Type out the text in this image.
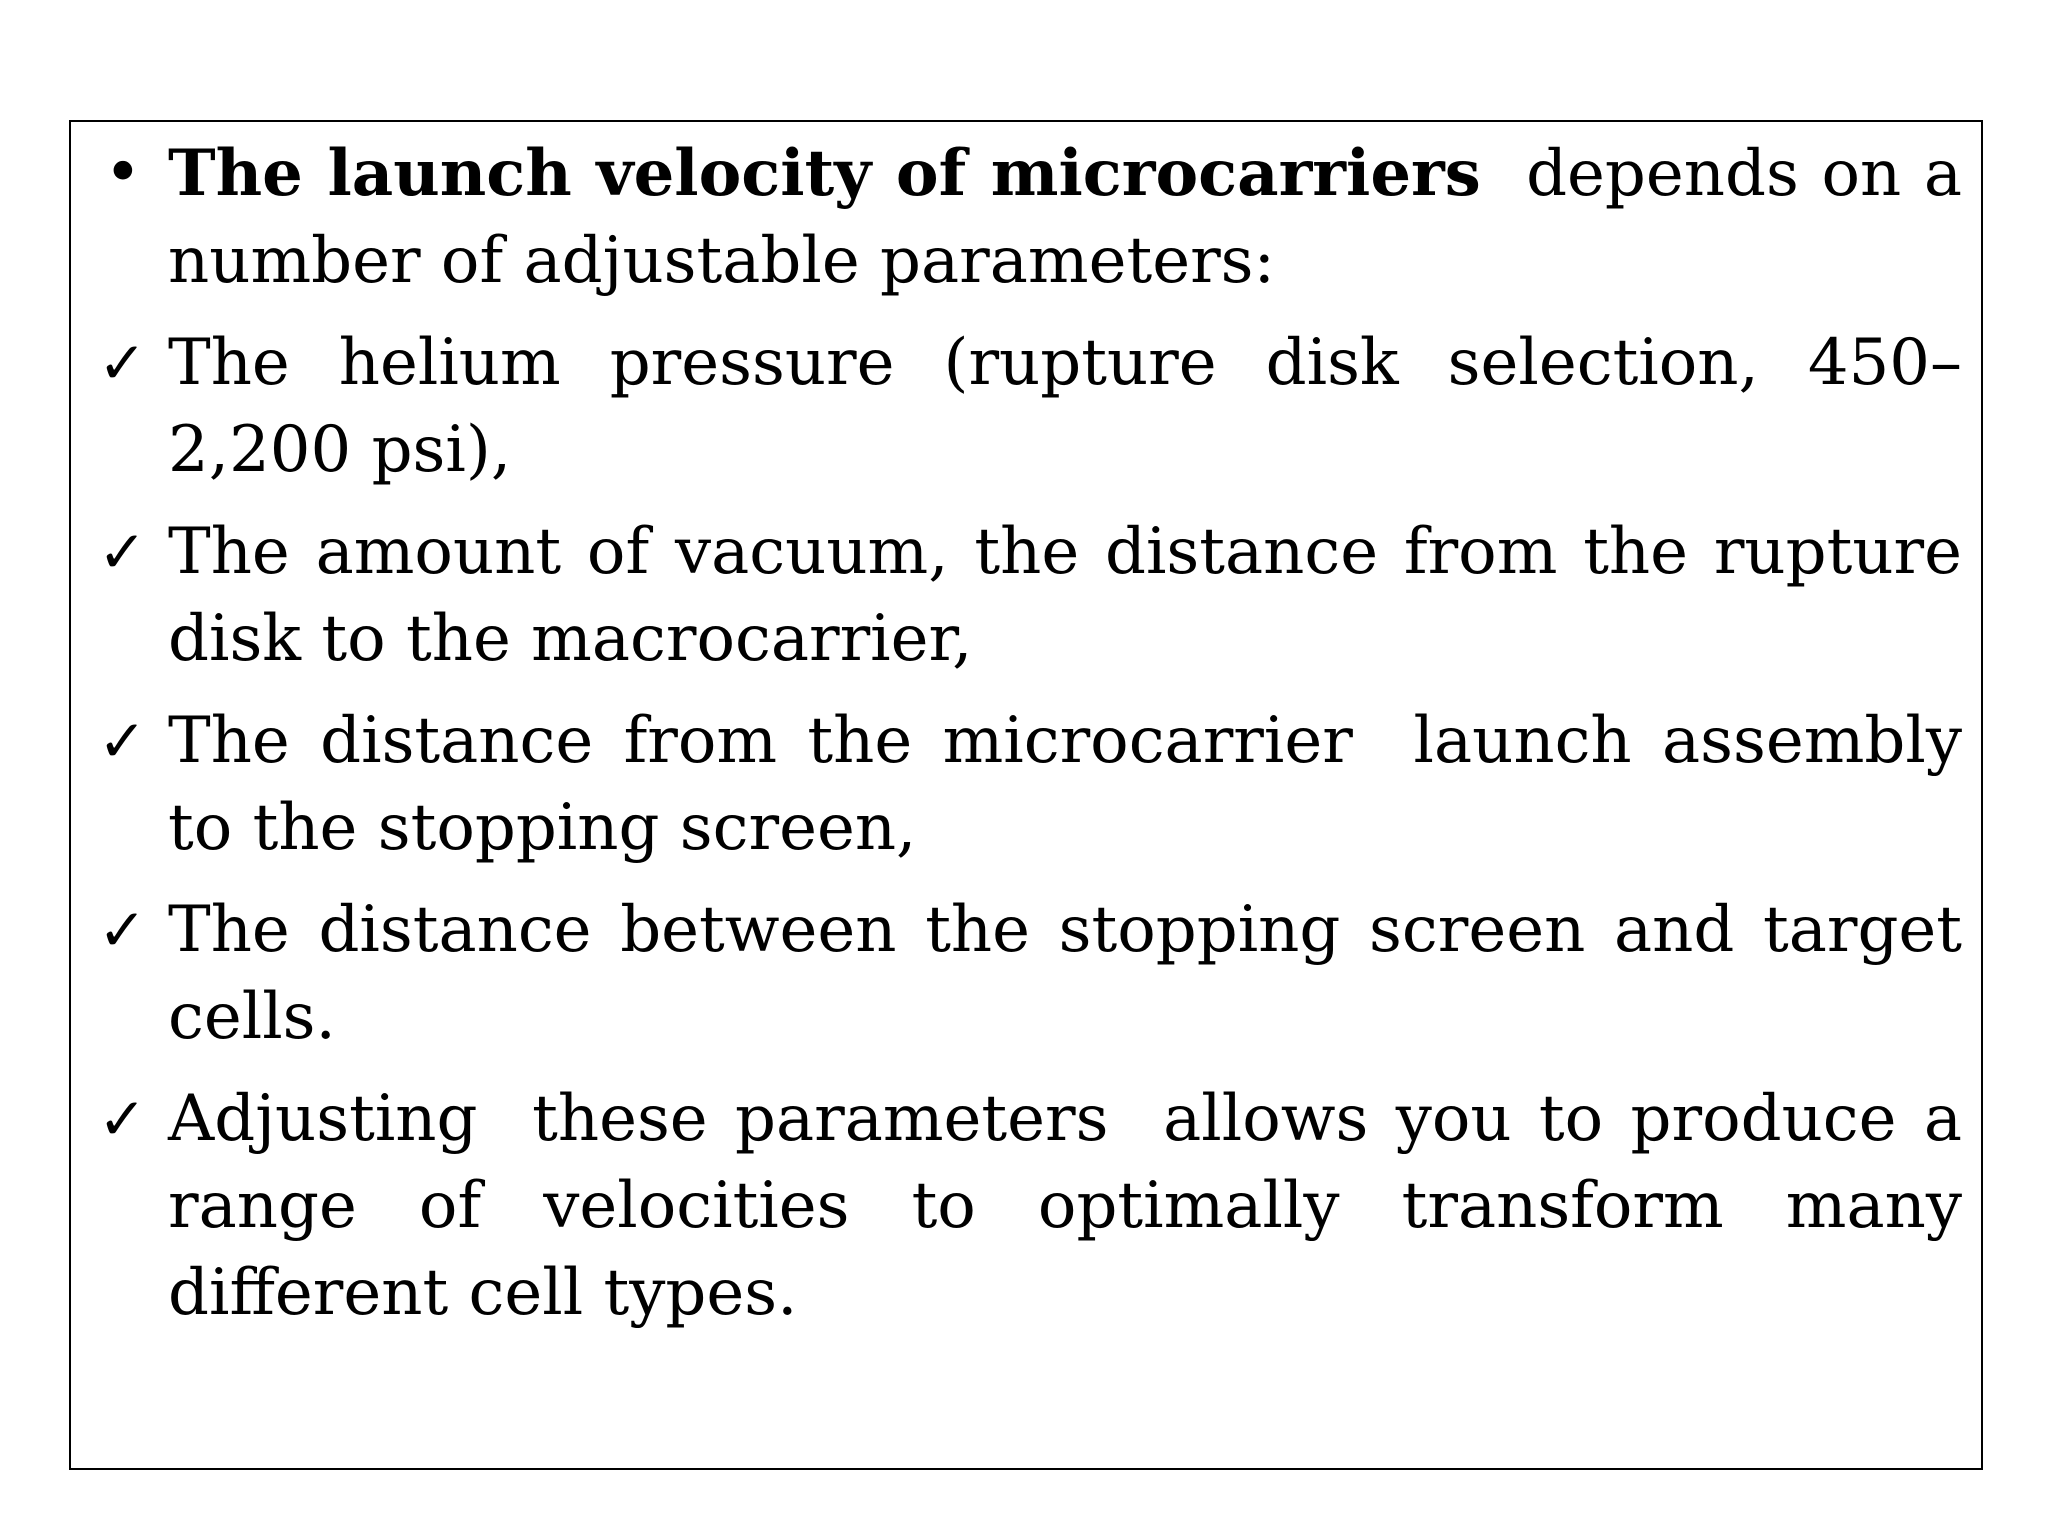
• The launch velocity of microcarriers  depends on a number of adjustable parameters:
✓ The helium pressure (rupture disk selection, 450–2,200 psi),
✓ The amount of vacuum, the distance from the rupture disk to the macrocarrier,
✓ The distance from the microcarrier  launch assembly to the stopping screen,
✓ The distance between the stopping screen and target cells.
✓ Adjusting  these parameters  allows you to produce a range of velocities to optimally transform many different cell types.
